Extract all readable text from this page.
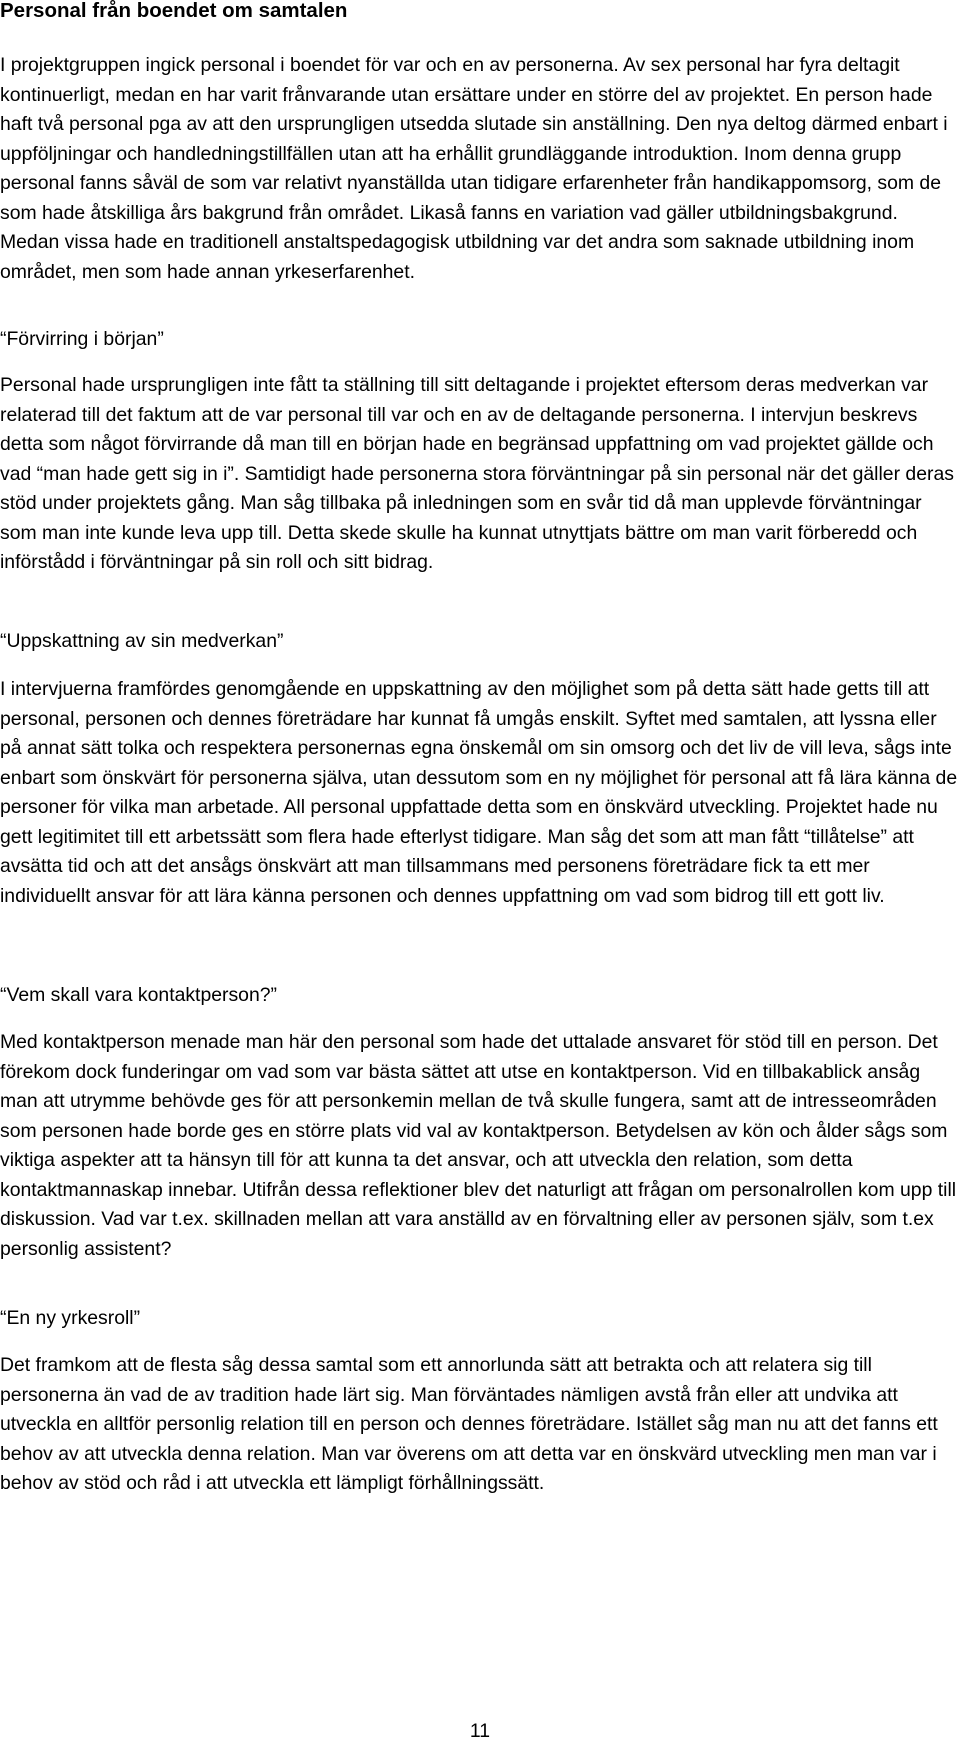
Personal från boendet om samtalen

I projektgruppen ingick personal i boendet för var och en av personerna. Av sex personal har fyra deltagit kontinuerligt, medan en har varit frånvarande utan ersättare under en större del av projektet. En person hade haft två personal pga av att den ursprungligen utsedda slutade sin anställning. Den nya deltog därmed enbart i uppföljningar och handledningstillfällen utan att ha erhållit grundläggande introduktion. Inom denna grupp personal fanns såväl de som var relativt nyanställda utan tidigare erfarenheter från handikappomsorg, som de som hade åtskilliga års bakgrund från området. Likaså fanns en variation vad gäller utbildningsbakgrund. Medan vissa hade en traditionell anstaltspedagogisk utbildning var det andra som saknade utbildning inom området, men som hade annan yrkeserfarenhet.

“Förvirring i början”

Personal hade ursprungligen inte fått ta ställning till sitt deltagande i projektet eftersom deras medverkan var relaterad till det faktum att de var personal till var och en av de deltagande personerna. I intervjun beskrevs detta som något förvirrande då man till en början hade en begränsad uppfattning om vad projektet gällde och vad “man hade gett sig in i”. Samtidigt hade personerna stora förväntningar på sin personal när det gäller deras stöd under projektets gång. Man såg tillbaka på inledningen som en svår tid då man upplevde förväntningar som man inte kunde leva upp till. Detta skede skulle ha kunnat utnyttjats bättre om man varit förberedd och införstådd i förväntningar på sin roll och sitt bidrag.

“Uppskattning av sin medverkan”

I intervjuerna framfördes genomgående en uppskattning av den möjlighet som på detta sätt hade getts till att personal, personen och dennes företrädare har kunnat få umgås enskilt. Syftet med samtalen, att lyssna eller på annat sätt tolka och respektera personernas egna önskemål om sin omsorg och det liv de vill leva, sågs inte enbart som önskvärt för personerna själva, utan dessutom som en ny möjlighet för personal att få lära känna de personer för vilka man arbetade. All personal uppfattade detta som en önskvärd utveckling. Projektet hade nu gett legitimitet till ett arbetssätt som flera hade efterlyst tidigare. Man såg det som att man fått “tillåtelse” att avsätta tid och att det ansågs önskvärt att man tillsammans med personens företrädare fick ta ett mer individuellt ansvar för att lära känna personen och dennes uppfattning om vad som bidrog till ett gott liv.

“Vem skall vara kontaktperson?”

Med kontaktperson menade man här den personal som hade det uttalade ansvaret för stöd till en person. Det förekom dock funderingar om vad som var bästa sättet att utse en kontaktperson. Vid en tillbakablick ansåg man att utrymme behövde ges för att personkemin mellan de två skulle fungera, samt att de intresseområden som personen hade borde ges en större plats vid val av kontaktperson. Betydelsen av kön och ålder sågs som viktiga aspekter att ta hänsyn till för att kunna ta det ansvar, och att utveckla den relation, som detta kontaktmannaskap innebar. Utifrån dessa reflektioner blev det naturligt att frågan om personalrollen kom upp till diskussion. Vad var t.ex. skillnaden mellan att vara anställd av en förvaltning eller av personen själv, som t.ex personlig assistent?

“En ny yrkesroll”

Det framkom att de flesta såg dessa samtal som ett annorlunda sätt att betrakta och att relatera sig till personerna än vad de av tradition hade lärt sig. Man förväntades nämligen avstå från eller att undvika att utveckla en alltför personlig relation till en person och dennes företrädare. Istället såg man nu att det fanns ett behov av att utveckla denna relation. Man var överens om att detta var en önskvärd utveckling men man var i behov av stöd och råd i att utveckla ett lämpligt förhållningssätt.

11
